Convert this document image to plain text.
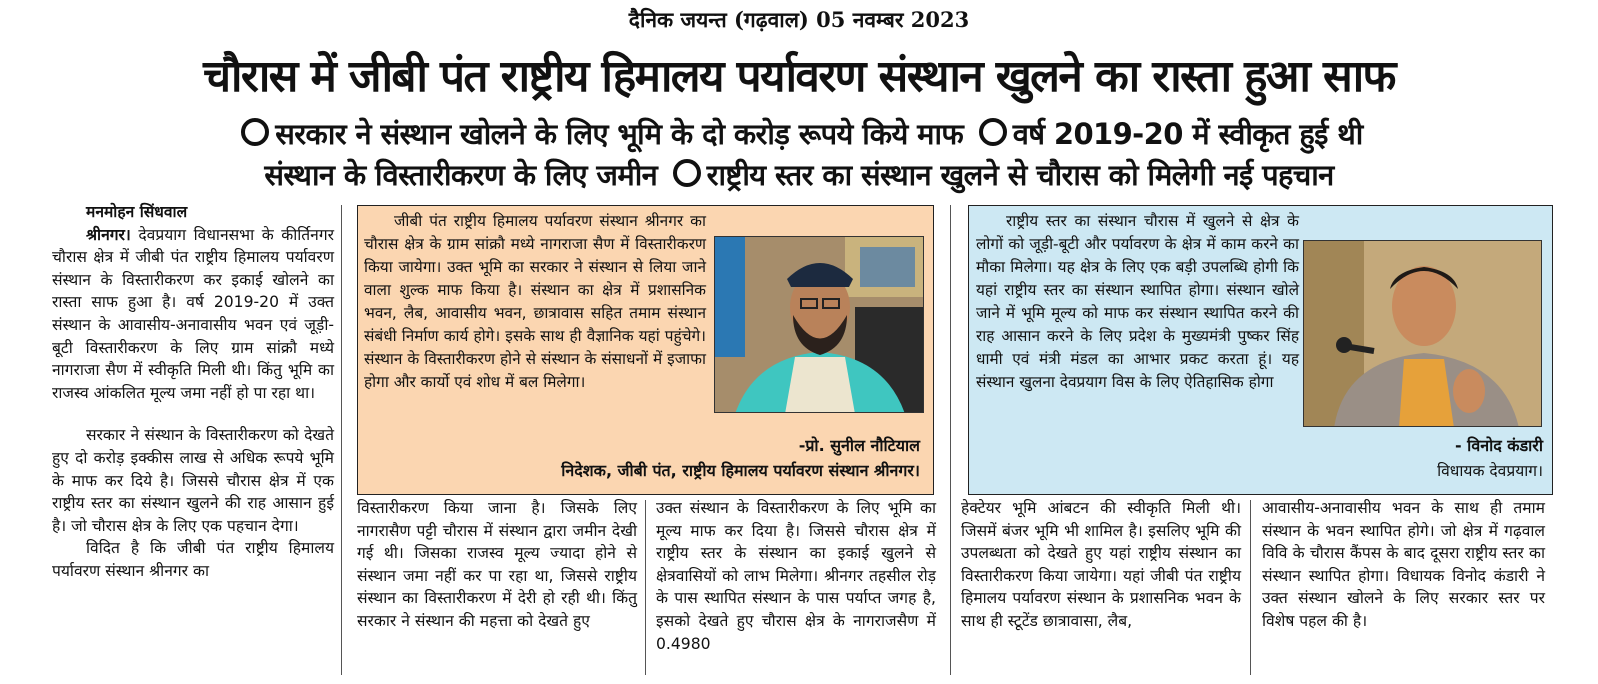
दैनिक जयन्त (गढ़वाल) 05 नवम्बर 2023
चौरास में जीबी पंत राष्ट्रीय हिमालय पर्यावरण संस्थान खुलने का रास्ता हुआ साफ
सरकार ने संस्थान खोलने के लिए भूमि के दो करोड़ रूपये किये माफ वर्ष 2019-20 में स्वीकृत हुई थी
संस्थान के विस्तारीकरण के लिए जमीन राष्ट्रीय स्तर का संस्थान खुलने से चौरास को मिलेगी नई पहचान

मनमोहन सिंधवाल

श्रीनगर। देवप्रयाग विधानसभा के कीर्तिनगर चौरास क्षेत्र में जीबी पंत राष्ट्रीय हिमालय पर्यावरण संस्थान के विस्तारीकरण कर इकाई खोलने का रास्ता साफ हुआ है। वर्ष 2019-20 में उक्त संस्थान के आवासीय-अनावासीय भवन एवं जूड़ी-बूटी विस्तारीकरण के लिए ग्राम सांक्रौ मध्ये नागराजा सैण में स्वीकृति मिली थी। किंतु भूमि का राजस्व आंकलित मूल्य जमा नहीं हो पा रहा था।

सरकार ने संस्थान के विस्तारीकरण को देखते हुए दो करोड़ इक्कीस लाख से अधिक रूपये भूमि के माफ कर दिये है। जिससे चौरास क्षेत्र में एक राष्ट्रीय स्तर का संस्थान खुलने की राह आसान हुई है। जो चौरास क्षेत्र के लिए एक पहचान देगा।

विदित है कि जीबी पंत राष्ट्रीय हिमालय पर्यावरण संस्थान श्रीनगर का

जीबी पंत राष्ट्रीय हिमालय पर्यावरण संस्थान श्रीनगर का चौरास क्षेत्र के ग्राम सांक्रौ मध्ये नागराजा सैण में विस्तारीकरण किया जायेगा। उक्त भूमि का सरकार ने संस्थान से लिया जाने वाला शुल्क माफ किया है। संस्थान का क्षेत्र में प्रशासनिक भवन, लैब, आवासीय भवन, छात्रावास सहित तमाम संस्थान संबंधी निर्माण कार्य होगे। इसके साथ ही वैज्ञानिक यहां पहुंचेगे। संस्थान के विस्तारीकरण होने से संस्थान के संसाधनों में इजाफा होगा और कार्यो एवं शोध में बल मिलेगा।
-प्रो. सुनील नौटियाल
निदेशक, जीबी पंत, राष्ट्रीय हिमालय पर्यावरण संस्थान श्रीनगर।
राष्ट्रीय स्तर का संस्थान चौरास में खुलने से क्षेत्र के लोगों को जूड़ी-बूटी और पर्यावरण के क्षेत्र में काम करने का मौका मिलेगा। यह क्षेत्र के लिए एक बड़ी उपलब्धि होगी कि यहां राष्ट्रीय स्तर का संस्थान स्थापित होगा। संस्थान खोले जाने में भूमि मूल्य को माफ कर संस्थान स्थापित करने की राह आसान करने के लिए प्रदेश के मुख्यमंत्री पुष्कर सिंह धामी एवं मंत्री मंडल का आभार प्रकट करता हूं। यह संस्थान खुलना देवप्रयाग विस के लिए ऐतिहासिक होगा
- विनोद कंडारी
विधायक देवप्रयाग।
विस्तारीकरण किया जाना है। जिसके लिए नागरासैण पट्टी चौरास में संस्थान द्वारा जमीन देखी गई थी। जिसका राजस्व मूल्य ज्यादा होने से संस्थान जमा नहीं कर पा रहा था, जिससे राष्ट्रीय संस्थान का विस्तारीकरण में देरी हो रही थी। किंतु सरकार ने संस्थान की महत्ता को देखते हुए
उक्त संस्थान के विस्तारीकरण के लिए भूमि का मूल्य माफ कर दिया है। जिससे चौरास क्षेत्र में राष्ट्रीय स्तर के संस्थान का इकाई खुलने से क्षेत्रवासियों को लाभ मिलेगा। श्रीनगर तहसील रोड़ के पास स्थापित संस्थान के पास पर्याप्त जगह है, इसको देखते हुए चौरास क्षेत्र के नागराजसैण में 0.4980
हेक्टेयर भूमि आंबटन की स्वीकृति मिली थी। जिसमें बंजर भूमि भी शामिल है। इसलिए भूमि की उपलब्धता को देखते हुए यहां राष्ट्रीय संस्थान का विस्तारीकरण किया जायेगा। यहां जीबी पंत राष्ट्रीय हिमालय पर्यावरण संस्थान के प्रशासनिक भवन के साथ ही स्टूटेंड छात्रावासा, लैब,
आवासीय-अनावासीय भवन के साथ ही तमाम संस्थान के भवन स्थापित होगे। जो क्षेत्र में गढ़वाल विवि के चौरास कैंपस के बाद दूसरा राष्ट्रीय स्तर का संस्थान स्थापित होगा। विधायक विनोद कंडारी ने उक्त संस्थान खोलने के लिए सरकार स्तर पर विशेष पहल की है।
